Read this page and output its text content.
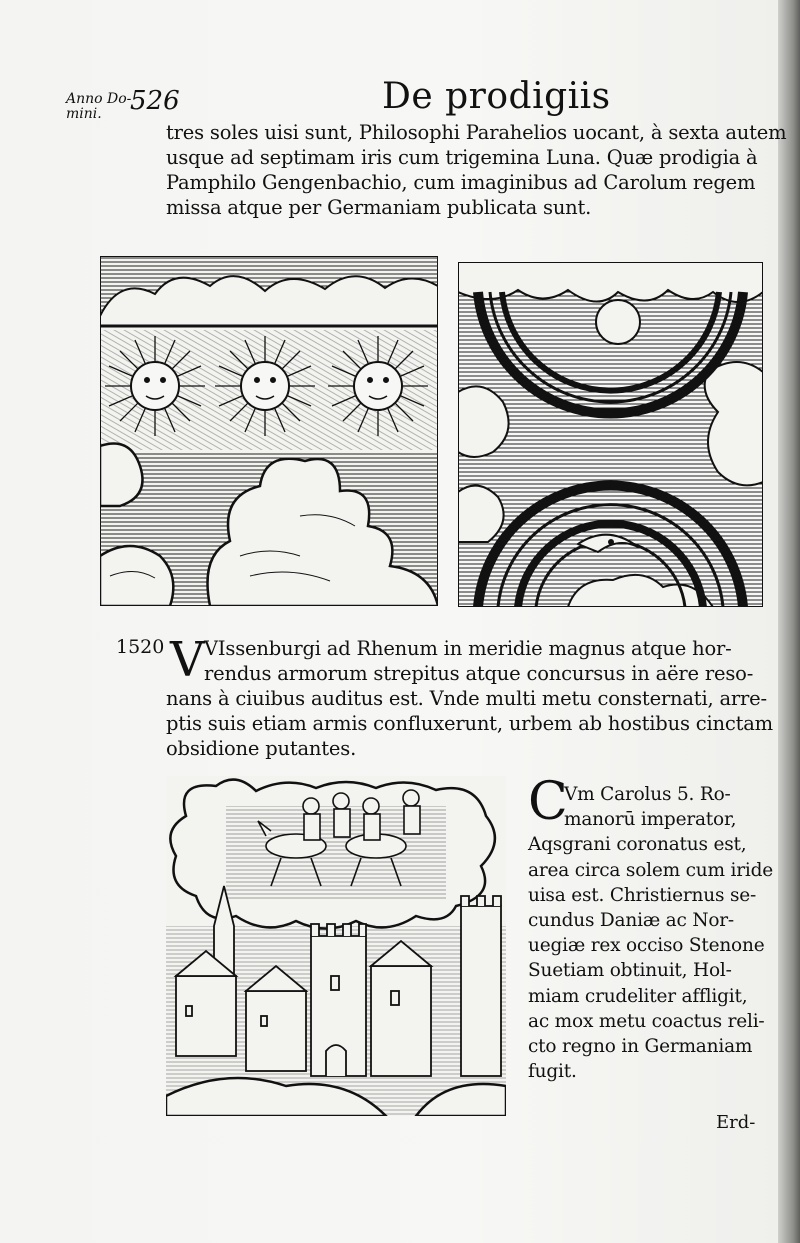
Anno Do-
mini.	526	De prodigiis
tres soles uisi sunt, Philosophi Parahelios uocant, à sexta autem
usque ad septimam iris cum trigemina Luna. Quæ prodigia à
Pamphilo Gengenbachio, cum imaginibus ad Carolum regem
missa atque per Germaniam publicata sunt.
1520 V VIssenburgi ad Rhenum in meridie magnus atque hor-
rendus armorum strepitus atque concursus in aëre reso-
nans à ciuibus auditus est. Vnde multi metu consternati, arre-
ptis suis etiam armis confluxerunt, urbem ab hostibus cinctam
obsidione putantes.
C
Vm Carolus 5. Ro-
manorū imperator,
Aqsgrani coronatus est,
area circa solem cum iride
uisa est. Christiernus se-
cundus Daniæ ac Nor-
uegiæ rex occiso Stenone
Suetiam obtinuit, Hol-
miam crudeliter affligit,
ac mox metu coactus reli-
cto regno in Germaniam
fugit.
Erd-
